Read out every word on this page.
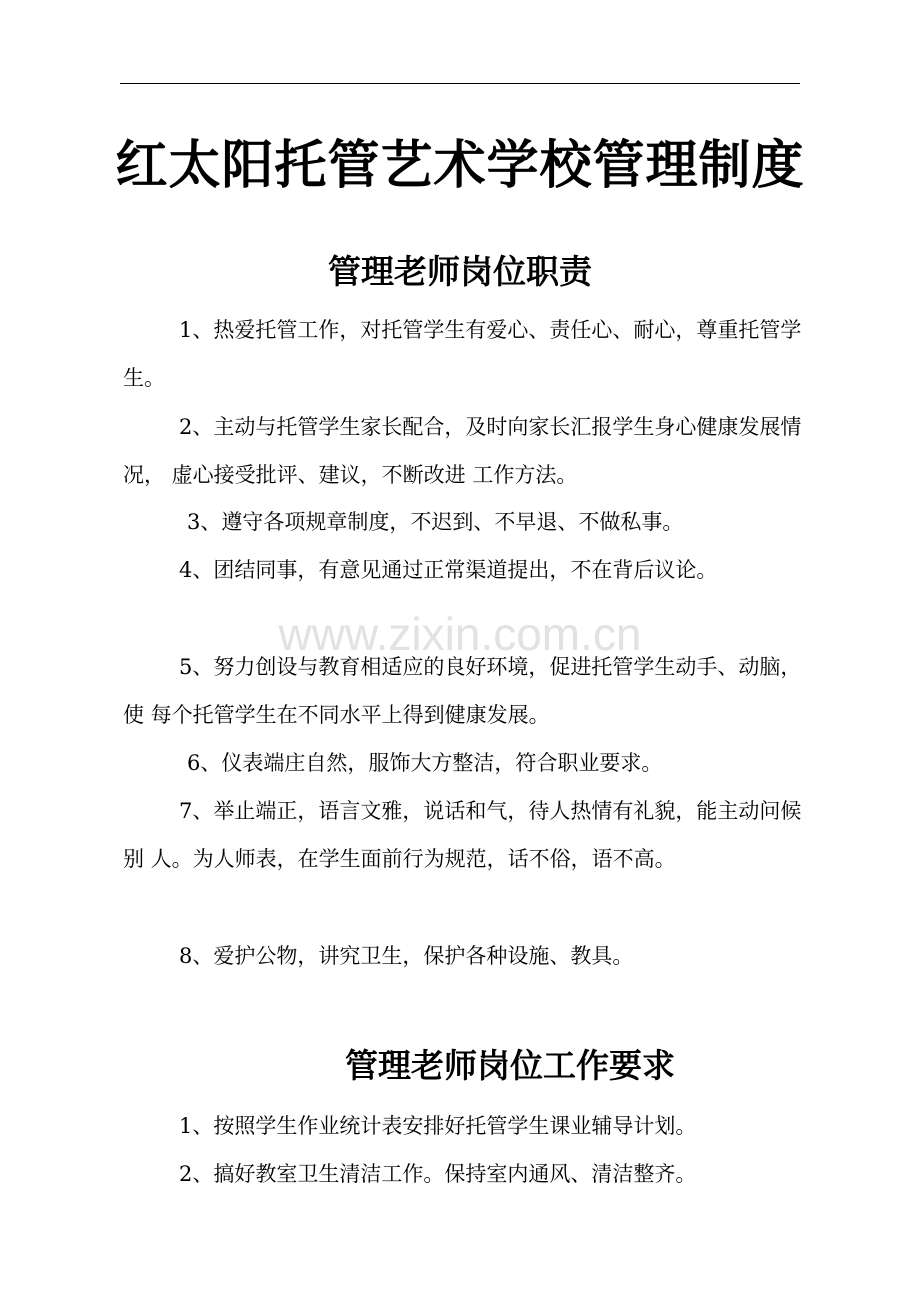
红太阳托管艺术学校管理制度
管理老师岗位职责
1、热爱托管工作，对托管学生有爱心、责任心、耐心，尊重托管学生。
2、主动与托管学生家长配合，及时向家长汇报学生身心健康发展情况， 虚心接受批评、建议，不断改进 工作方法。
3、遵守各项规章制度，不迟到、不早退、不做私事。
4、团结同事，有意见通过正常渠道提出，不在背后议论。
www.zixin.com.cn
5、努力创设与教育相适应的良好环境，促进托管学生动手、动脑，使 每个托管学生在不同水平上得到健康发展。
6、仪表端庄自然，服饰大方整洁，符合职业要求。
7、举止端正，语言文雅，说话和气，待人热情有礼貌，能主动问候别 人。为人师表，在学生面前行为规范，话不俗，语不高。
8、爱护公物，讲究卫生，保护各种设施、教具。
管理老师岗位工作要求
1、按照学生作业统计表安排好托管学生课业辅导计划。
2、搞好教室卫生清洁工作。保持室内通风、清洁整齐。
